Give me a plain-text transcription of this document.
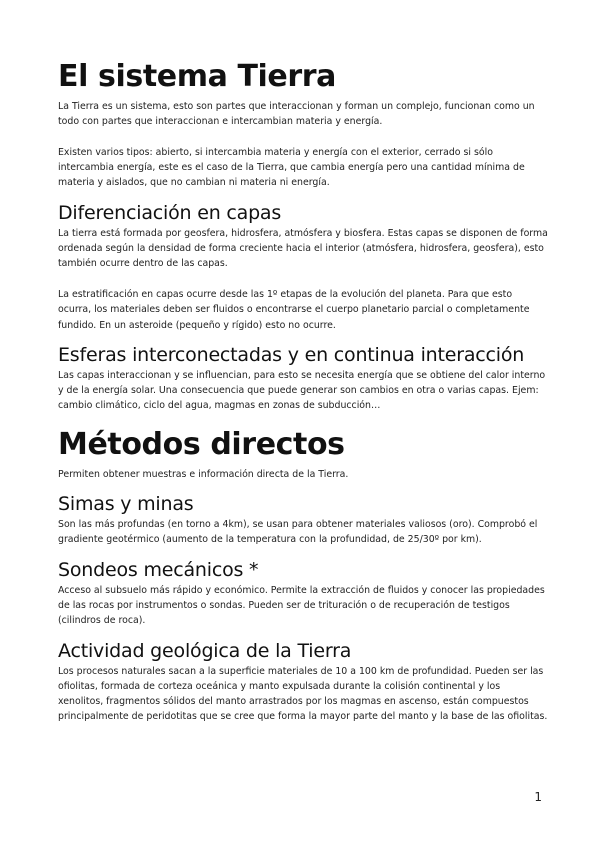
El sistema Tierra

La Tierra es un sistema, esto son partes que interaccionan y forman un complejo, funcionan como un todo con partes que interaccionan e intercambian materia y energía.

Existen varios tipos: abierto, si intercambia materia y energía con el exterior, cerrado si sólo intercambia energía, este es el caso de la Tierra, que cambia energía pero una cantidad mínima de materia y aislados, que no cambian ni materia ni energía.

Diferenciación en capas

La tierra está formada por geosfera, hidrosfera, atmósfera y biosfera. Estas capas se disponen de forma ordenada según la densidad de forma creciente hacia el interior (atmósfera, hidrosfera, geosfera), esto también ocurre dentro de las capas.

La estratificación en capas ocurre desde las 1º etapas de la evolución del planeta. Para que esto ocurra, los materiales deben ser fluidos o encontrarse el cuerpo planetario parcial o completamente fundido. En un asteroide (pequeño y rígido) esto no ocurre.

Esferas interconectadas y en continua interacción

Las capas interaccionan y se influencian, para esto se necesita energía que se obtiene del calor interno y de la energía solar. Una consecuencia que puede generar son cambios en otra o varias capas. Ejem: cambio climático, ciclo del agua, magmas en zonas de subducción…

Métodos directos

Permiten obtener muestras e información directa de la Tierra.

Simas y minas

Son las más profundas (en torno a 4km), se usan para obtener materiales valiosos (oro). Comprobó el gradiente geotérmico (aumento de la temperatura con la profundidad, de 25/30º por km).

Sondeos mecánicos *

Acceso al subsuelo más rápido y económico. Permite la extracción de fluidos y conocer las propiedades de las rocas por instrumentos o sondas. Pueden ser de trituración o de recuperación de testigos (cilindros de roca).

Actividad geológica de la Tierra

Los procesos naturales sacan a la superficie materiales de 10 a 100 km de profundidad. Pueden ser las ofiolitas, formada de corteza oceánica y manto expulsada durante la colisión continental y los xenolitos, fragmentos sólidos del manto arrastrados por los magmas en ascenso, están compuestos principalmente de peridotitas que se cree que forma la mayor parte del manto y la base de las ofiolitas.

1
